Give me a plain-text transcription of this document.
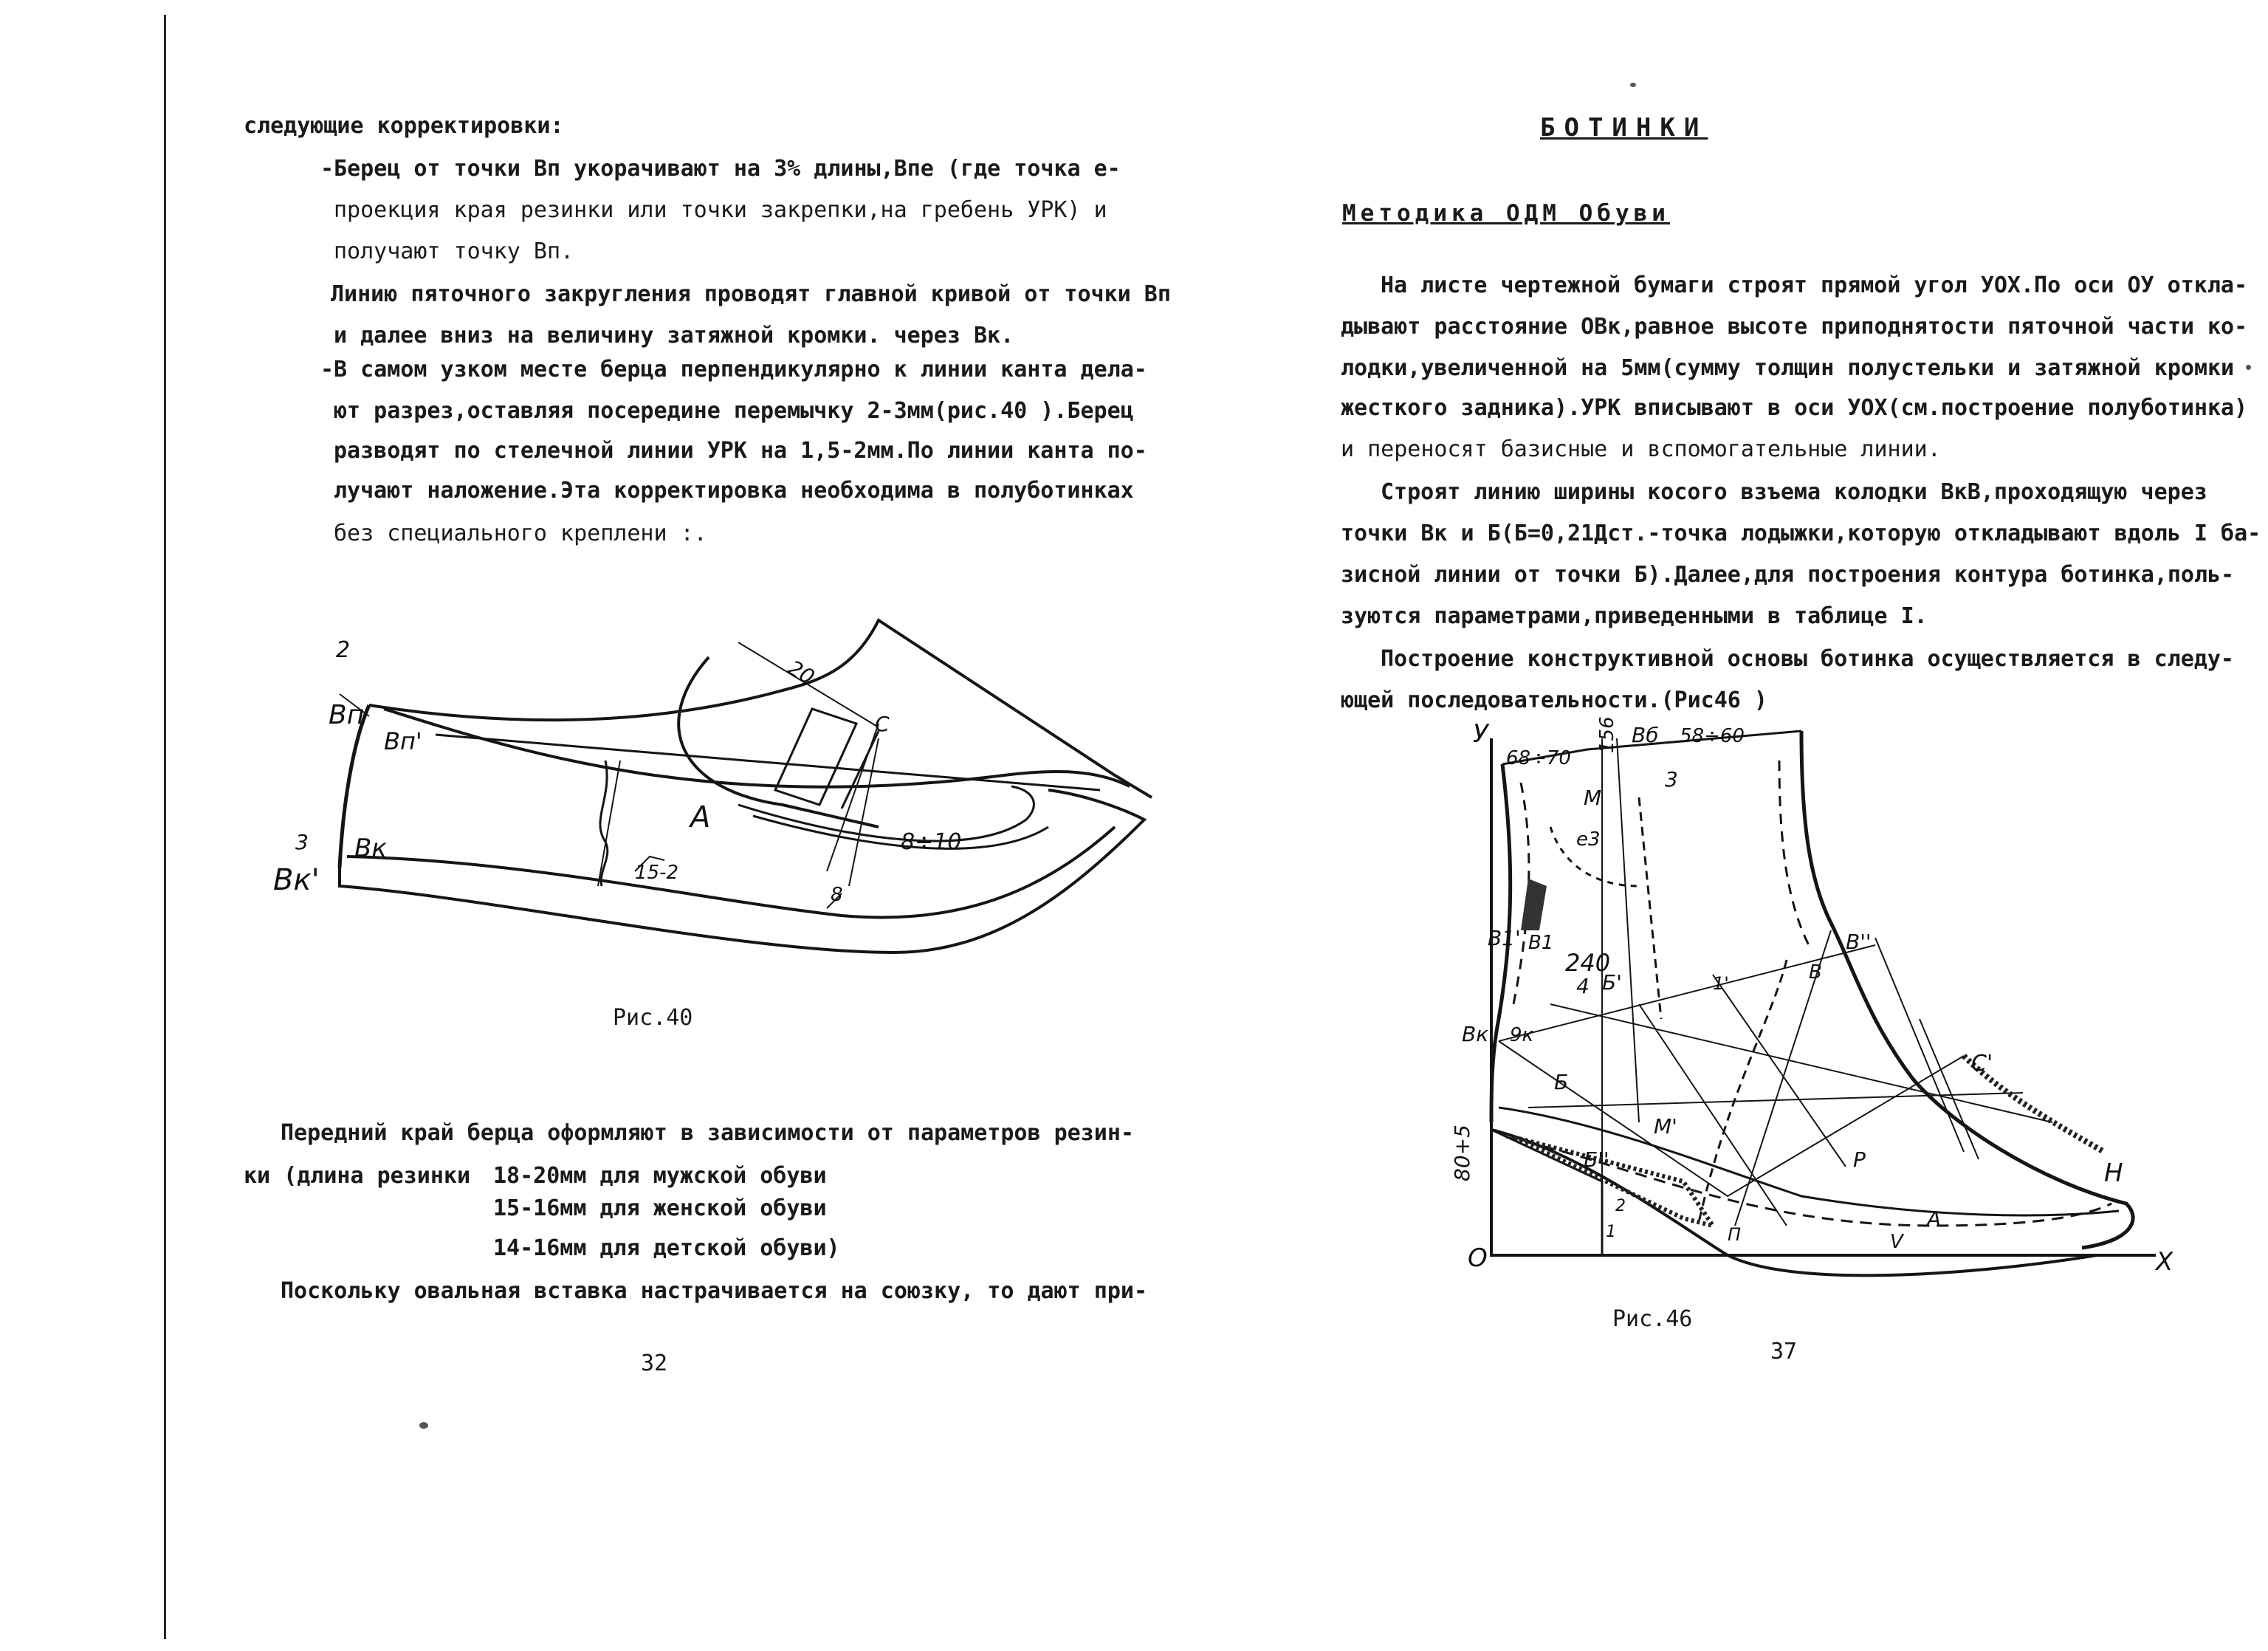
следующие корректировки:
-Берец от точки Вп укорачивают на 3% длины,Впе (где точка е-
проекция края резинки или точки закрепки,на гребень УРК) и
получают точку Вп.
Линию пяточного закругления проводят главной кривой от точки Вп
и далее вниз на величину затяжной кромки. через Вк.
-В самом узком месте берца перпендикулярно к линии канта дела-
ют разрез,оставляя посередине перемычку 2-3мм(рис.40 ).Берец
разводят по стелечной линии УРК на 1,5-2мм.По линии канта по-
лучают наложение.Эта корректировка необходима в полуботинках
без специального креплени :.
2
Вп
Вп'
3 Вк
Вк'
А
20
С
15-2
8
8÷10
Рис.40
Передний край берца оформляют в зависимости от параметров резин-
ки (длина резинки 18-20мм для мужской обуви
15-16мм для женской обуви
14-16мм для детской обуви)
Поскольку овальная вставка настрачивается на союзку, то дают при-
32
БОТИНКИ
Методика ОДМ Обуви
На листе чертежной бумаги строят прямой угол УОХ.По оси ОУ откла-
дывают расстояние ОВк,равное высоте приподнятости пяточной части ко-
лодки,увеличенной на 5мм(сумму толщин полустельки и затяжной кромки
жесткого задника).УРК вписывают в оси УОХ(см.построение полуботинка)
и переносят базисные и вспомогательные линии.
Строят линию ширины косого взъема колодки ВкВ,проходящую через
точки Вк и Б(Б=0,21Дст.-точка лодыжки,которую откладывают вдоль I ба-
зисной линии от точки Б).Далее,для построения контура ботинка,поль-
зуются параметрами,приведенными в таблице I.
Построение конструктивной основы ботинка осуществляется в следу-
ющей последовательности.(Рис46 )
У
Х
О
Н
68÷70
156 Вб 58÷60
3
М
е3
240
4 Б'
В1' В1
Вк' 9к
В''
В
С'
Б
Б''
М'
Р
А
V
80+5
2
1	П
1'
Рис.46
37
